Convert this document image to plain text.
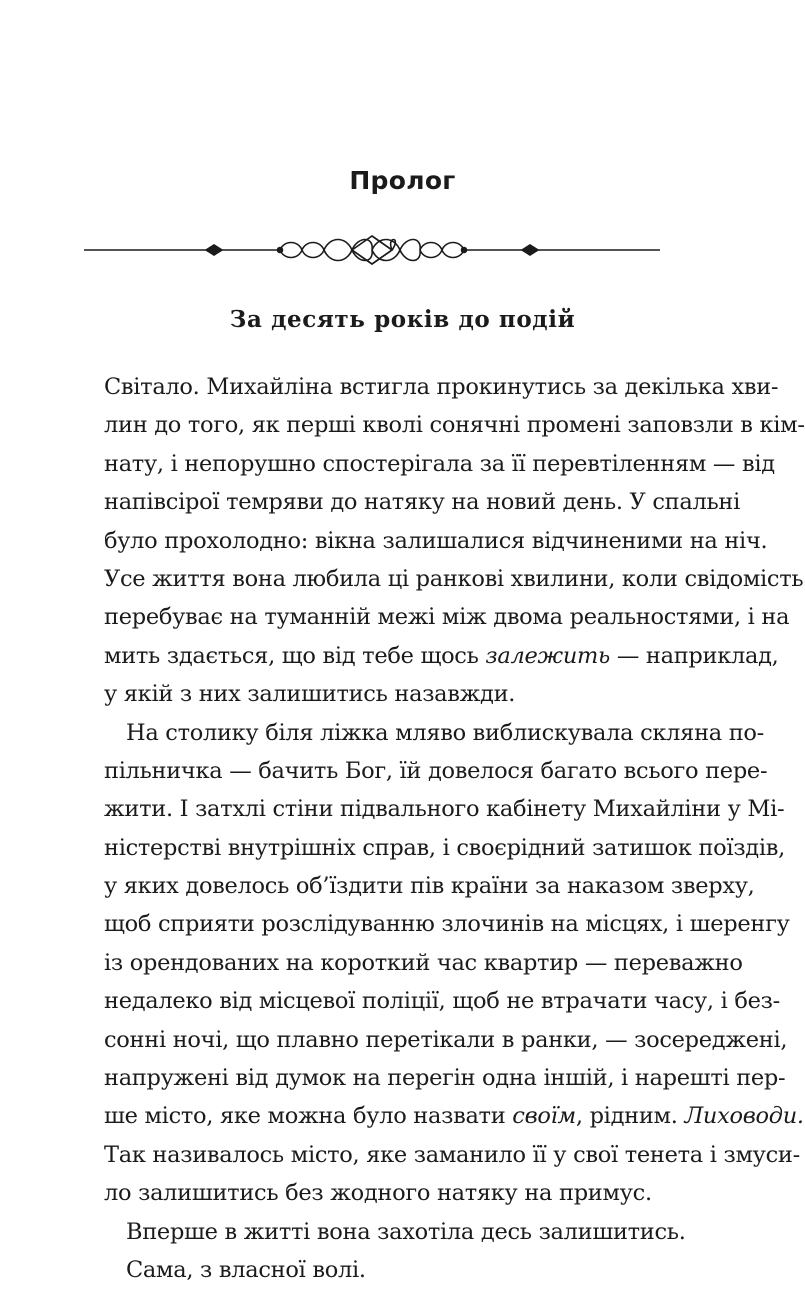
Пролог
За десять років до подій
Світало. Михайліна встигла прокинутись за декілька хви-
лин до того, як перші кволі сонячні промені заповзли в кім-
нату, і непорушно спостерігала за її перевтіленням — від
напівсірої темряви до натяку на новий день. У спальні
було прохолодно: вікна залишалися відчиненими на ніч.
Усе життя вона любила ці ранкові хвилини, коли свідомість
перебуває на туманній межі між двома реальностями, і на
мить здається, що від тебе щось залежить — наприклад,
у якій з них залишитись назавжди.
На столику біля ліжка мляво виблискувала скляна по-
пільничка — бачить Бог, їй довелося багато всього пере-
жити. І затхлі стіни підвального кабінету Михайліни у Мі-
ністерстві внутрішніх справ, і своєрідний затишок поїздів,
у яких довелось об’їздити пів країни за наказом зверху,
щоб сприяти розслідуванню злочинів на місцях, і шеренгу
із орендованих на короткий час квартир — переважно
недалеко від місцевої поліції, щоб не втрачати часу, і без-
сонні ночі, що плавно перетікали в ранки, — зосереджені,
напружені від думок на перегін одна іншій, і нарешті пер-
ше місто, яке можна було назвати своїм, рідним. Лиховоди.
Так називалось місто, яке заманило її у свої тенета і змуси-
ло залишитись без жодного натяку на примус.
Вперше в житті вона захотіла десь залишитись.
Сама, з власної волі.
